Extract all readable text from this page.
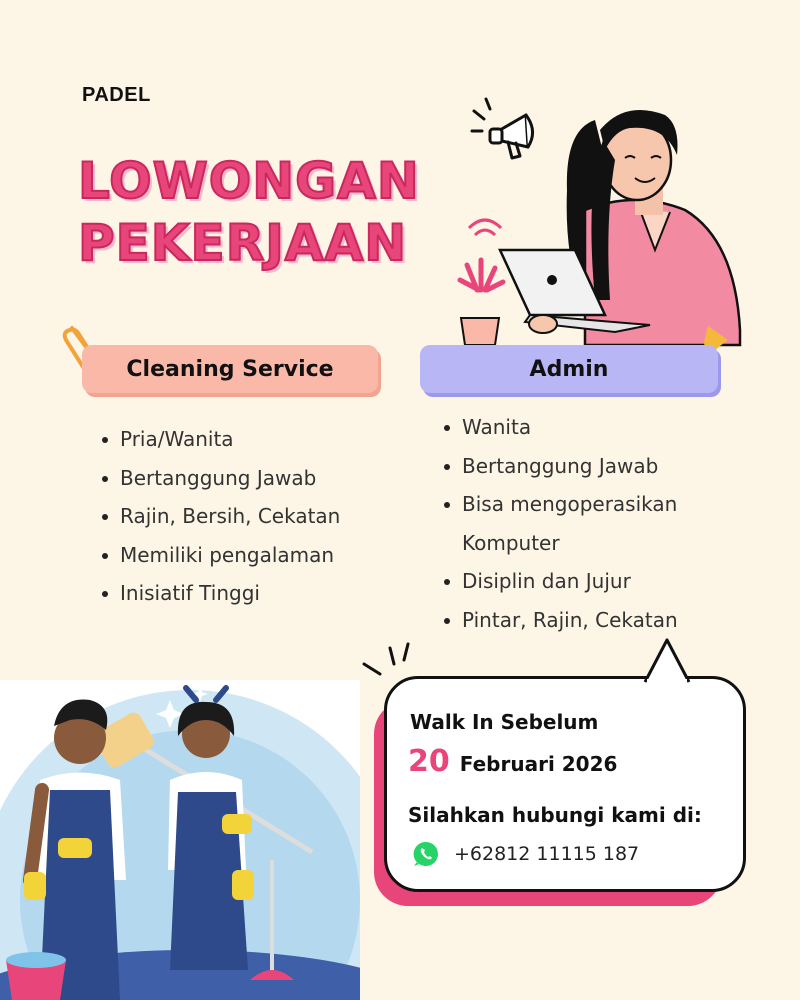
PADEL
LOWONGAN
PEKERJAAN
Cleaning Service	Admin
Pria/Wanita
Bertanggung Jawab
Rajin, Bersih, Cekatan
Memiliki pengalaman
Inisiatif Tinggi
Wanita
Bertanggung Jawab
Bisa mengoperasikan
Komputer
Disiplin dan Jujur
Pintar, Rajin, Cekatan
Walk In Sebelum
20 Februari 2026
Silahkan hubungi kami di:
+62812 11115 187
